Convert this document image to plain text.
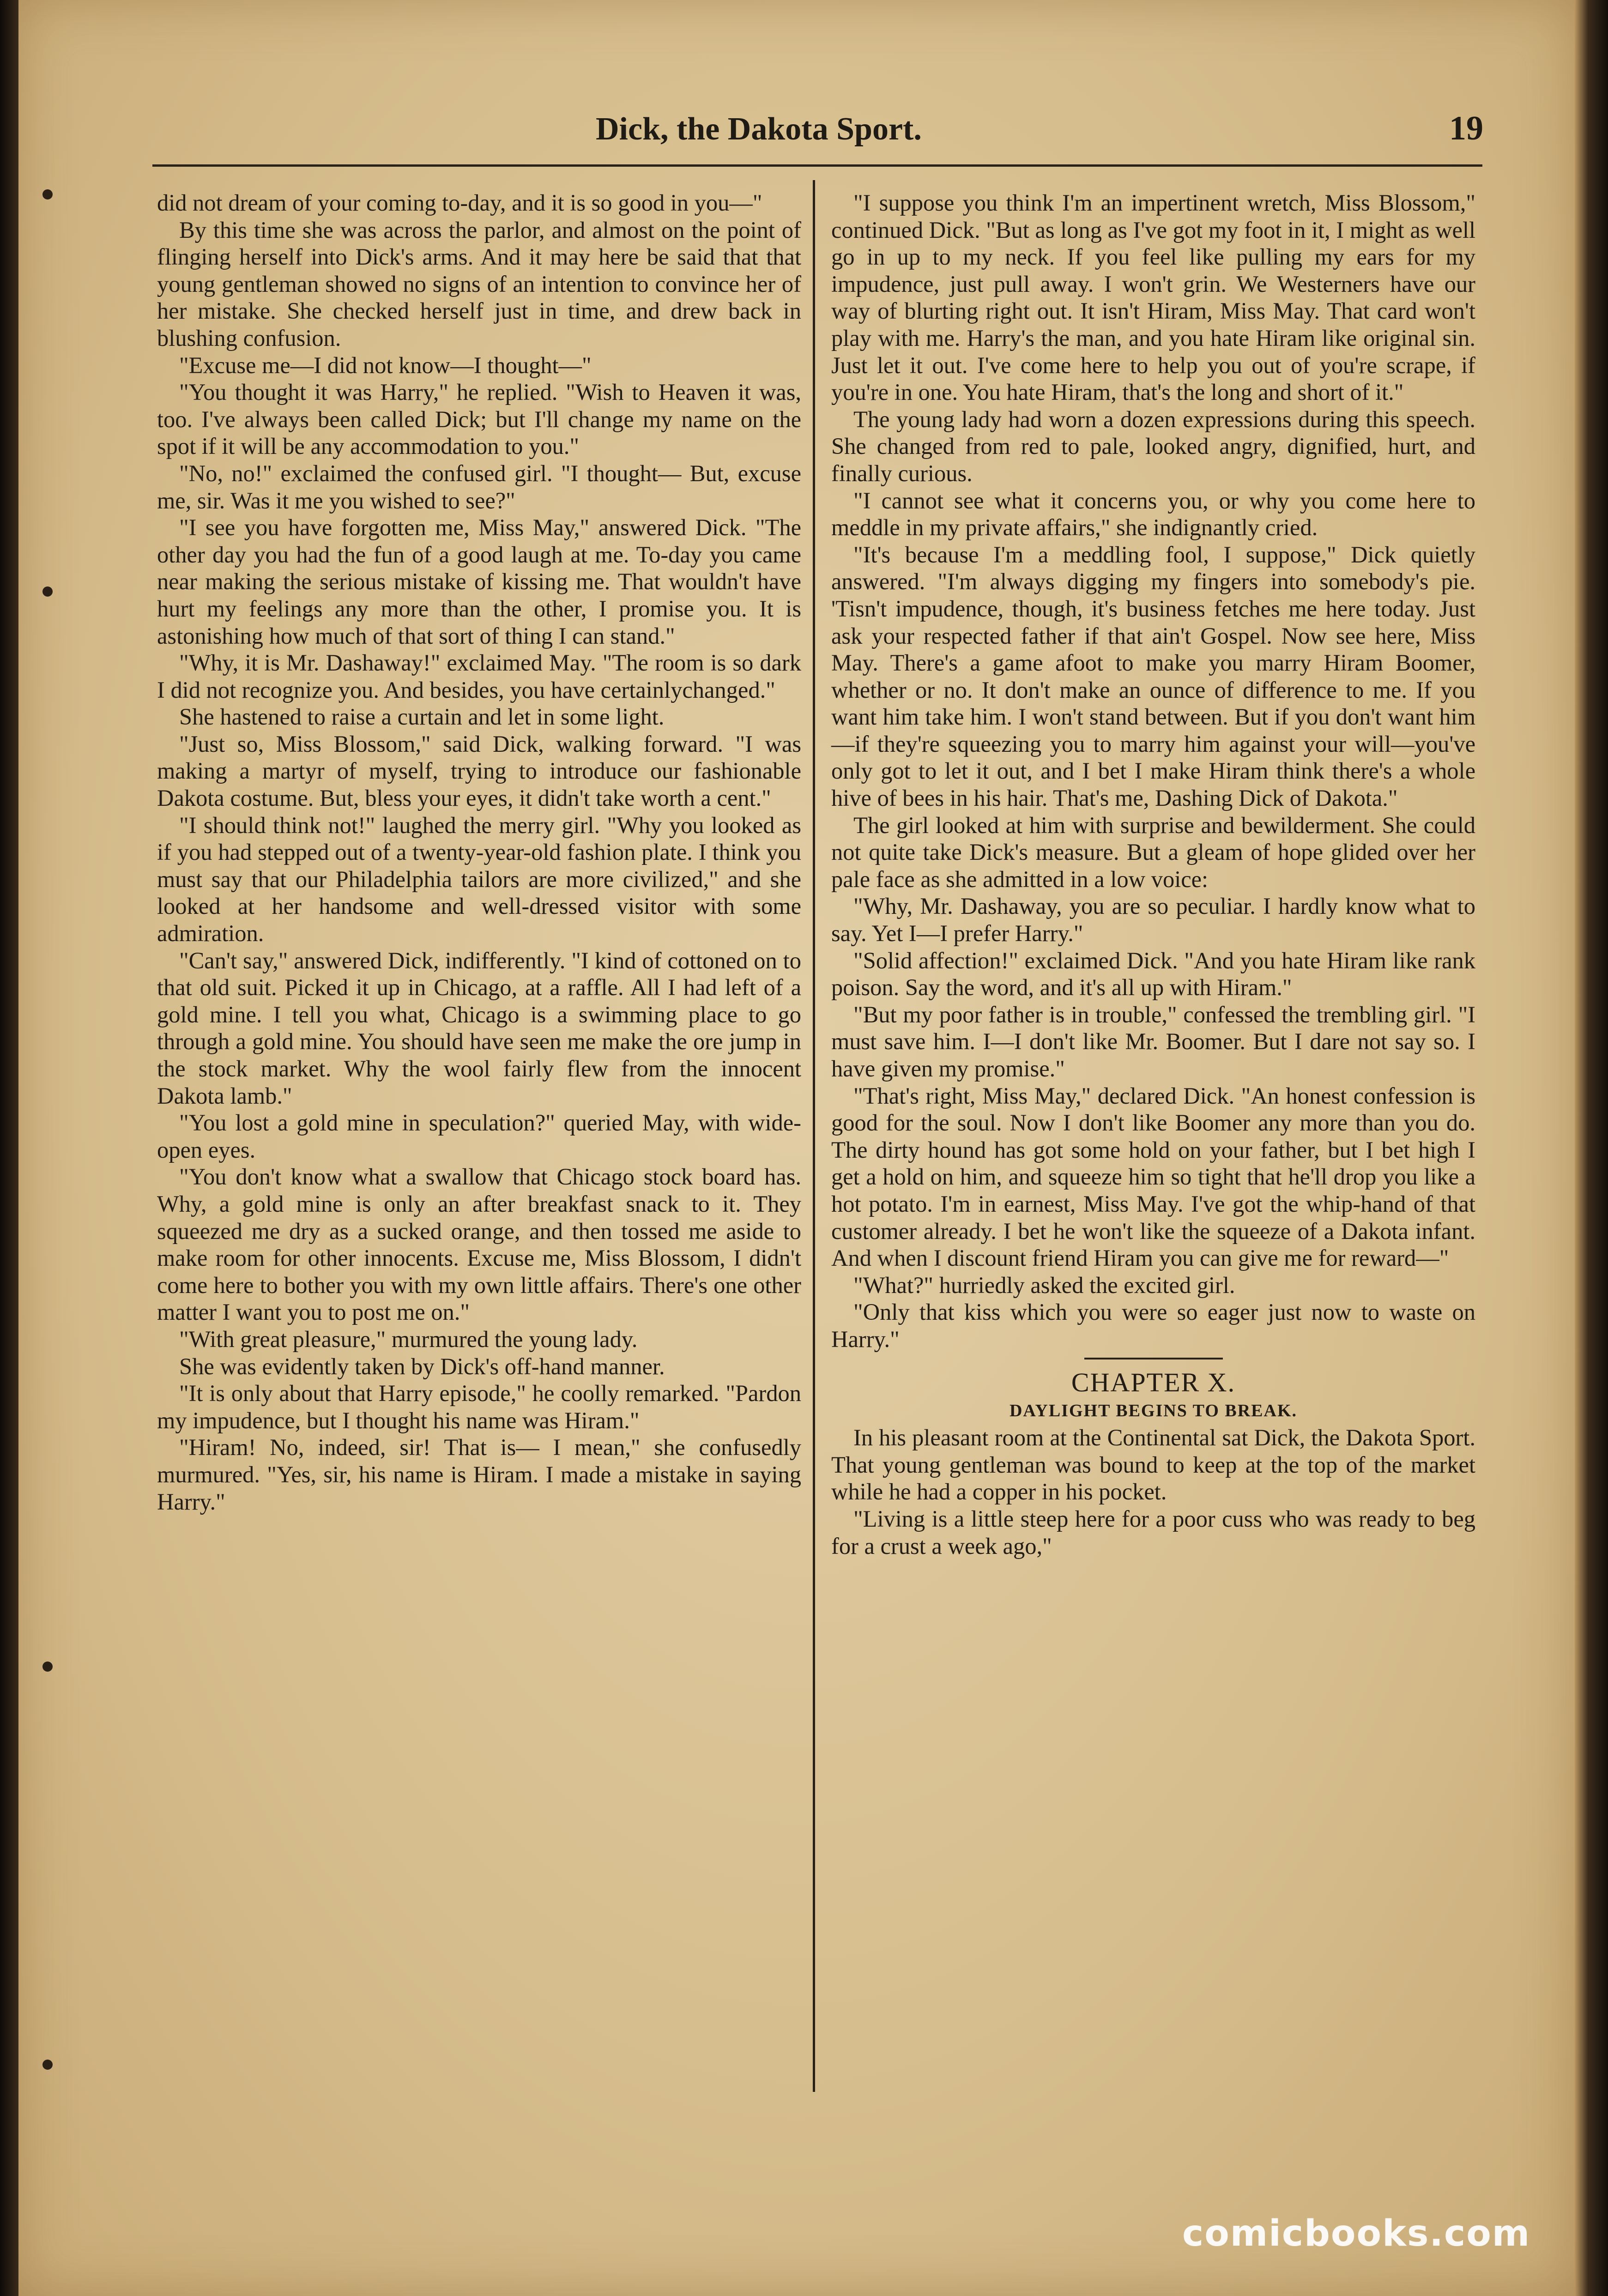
Dick, the Dakota Sport.	19

did not dream of your coming to-day, and it is so good in you—"

By this time she was across the parlor, and almost on the point of flinging herself into Dick's arms. And it may here be said that that young gentleman showed no signs of an intention to convince her of her mistake. She checked herself just in time, and drew back in blushing confusion.

"Excuse me—I did not know—I thought—"

"You thought it was Harry," he replied. "Wish to Heaven it was, too. I've always been called Dick; but I'll change my name on the spot if it will be any accommodation to you."

"No, no!" exclaimed the confused girl. "I thought— But, excuse me, sir. Was it me you wished to see?"

"I see you have forgotten me, Miss May," answered Dick. "The other day you had the fun of a good laugh at me. To-day you came near making the serious mistake of kissing me. That wouldn't have hurt my feelings any more than the other, I promise you. It is astonishing how much of that sort of thing I can stand."

"Why, it is Mr. Dashaway!" exclaimed May. "The room is so dark I did not recognize you. And besides, you have certainlychanged."

She hastened to raise a curtain and let in some light.

"Just so, Miss Blossom," said Dick, walking forward. "I was making a martyr of myself, trying to introduce our fashionable Dakota costume. But, bless your eyes, it didn't take worth a cent."

"I should think not!" laughed the merry girl. "Why you looked as if you had stepped out of a twenty-year-old fashion plate. I think you must say that our Philadelphia tailors are more civilized," and she looked at her handsome and well-dressed visitor with some admiration.

"Can't say," answered Dick, indifferently. "I kind of cottoned on to that old suit. Picked it up in Chicago, at a raffle. All I had left of a gold mine. I tell you what, Chicago is a swimming place to go through a gold mine. You should have seen me make the ore jump in the stock market. Why the wool fairly flew from the innocent Dakota lamb."

"You lost a gold mine in speculation?" queried May, with wide-open eyes.

"You don't know what a swallow that Chicago stock board has. Why, a gold mine is only an after breakfast snack to it. They squeezed me dry as a sucked orange, and then tossed me aside to make room for other innocents. Excuse me, Miss Blossom, I didn't come here to bother you with my own little affairs. There's one other matter I want you to post me on."

"With great pleasure," murmured the young lady.

She was evidently taken by Dick's off-hand manner.

"It is only about that Harry episode," he coolly remarked. "Pardon my impudence, but I thought his name was Hiram."

"Hiram! No, indeed, sir! That is— I mean," she confusedly murmured. "Yes, sir, his name is Hiram. I made a mistake in saying Harry."

"I suppose you think I'm an impertinent wretch, Miss Blossom," continued Dick. "But as long as I've got my foot in it, I might as well go in up to my neck. If you feel like pulling my ears for my impudence, just pull away. I won't grin. We Westerners have our way of blurting right out. It isn't Hiram, Miss May. That card won't play with me. Harry's the man, and you hate Hiram like original sin. Just let it out. I've come here to help you out of you're scrape, if you're in one. You hate Hiram, that's the long and short of it."

The young lady had worn a dozen expressions during this speech. She changed from red to pale, looked angry, dignified, hurt, and finally curious.

"I cannot see what it concerns you, or why you come here to meddle in my private affairs," she indignantly cried.

"It's because I'm a meddling fool, I suppose," Dick quietly answered. "I'm always digging my fingers into somebody's pie. 'Tisn't impudence, though, it's business fetches me here today. Just ask your respected father if that ain't Gospel. Now see here, Miss May. There's a game afoot to make you marry Hiram Boomer, whether or no. It don't make an ounce of difference to me. If you want him take him. I won't stand between. But if you don't want him—if they're squeezing you to marry him against your will—you've only got to let it out, and I bet I make Hiram think there's a whole hive of bees in his hair. That's me, Dashing Dick of Dakota."

The girl looked at him with surprise and bewilderment. She could not quite take Dick's measure. But a gleam of hope glided over her pale face as she admitted in a low voice:

"Why, Mr. Dashaway, you are so peculiar. I hardly know what to say. Yet I—I prefer Harry."

"Solid affection!" exclaimed Dick. "And you hate Hiram like rank poison. Say the word, and it's all up with Hiram."

"But my poor father is in trouble," confessed the trembling girl. "I must save him. I—I don't like Mr. Boomer. But I dare not say so. I have given my promise."

"That's right, Miss May," declared Dick. "An honest confession is good for the soul. Now I don't like Boomer any more than you do. The dirty hound has got some hold on your father, but I bet high I get a hold on him, and squeeze him so tight that he'll drop you like a hot potato. I'm in earnest, Miss May. I've got the whip-hand of that customer already. I bet he won't like the squeeze of a Dakota infant. And when I discount friend Hiram you can give me for reward—"

"What?" hurriedly asked the excited girl.

"Only that kiss which you were so eager just now to waste on Harry."

CHAPTER X.

DAYLIGHT BEGINS TO BREAK.

In his pleasant room at the Continental sat Dick, the Dakota Sport. That young gentleman was bound to keep at the top of the market while he had a copper in his pocket.

"Living is a little steep here for a poor cuss who was ready to beg for a crust a week ago,"

comicbooks.com
